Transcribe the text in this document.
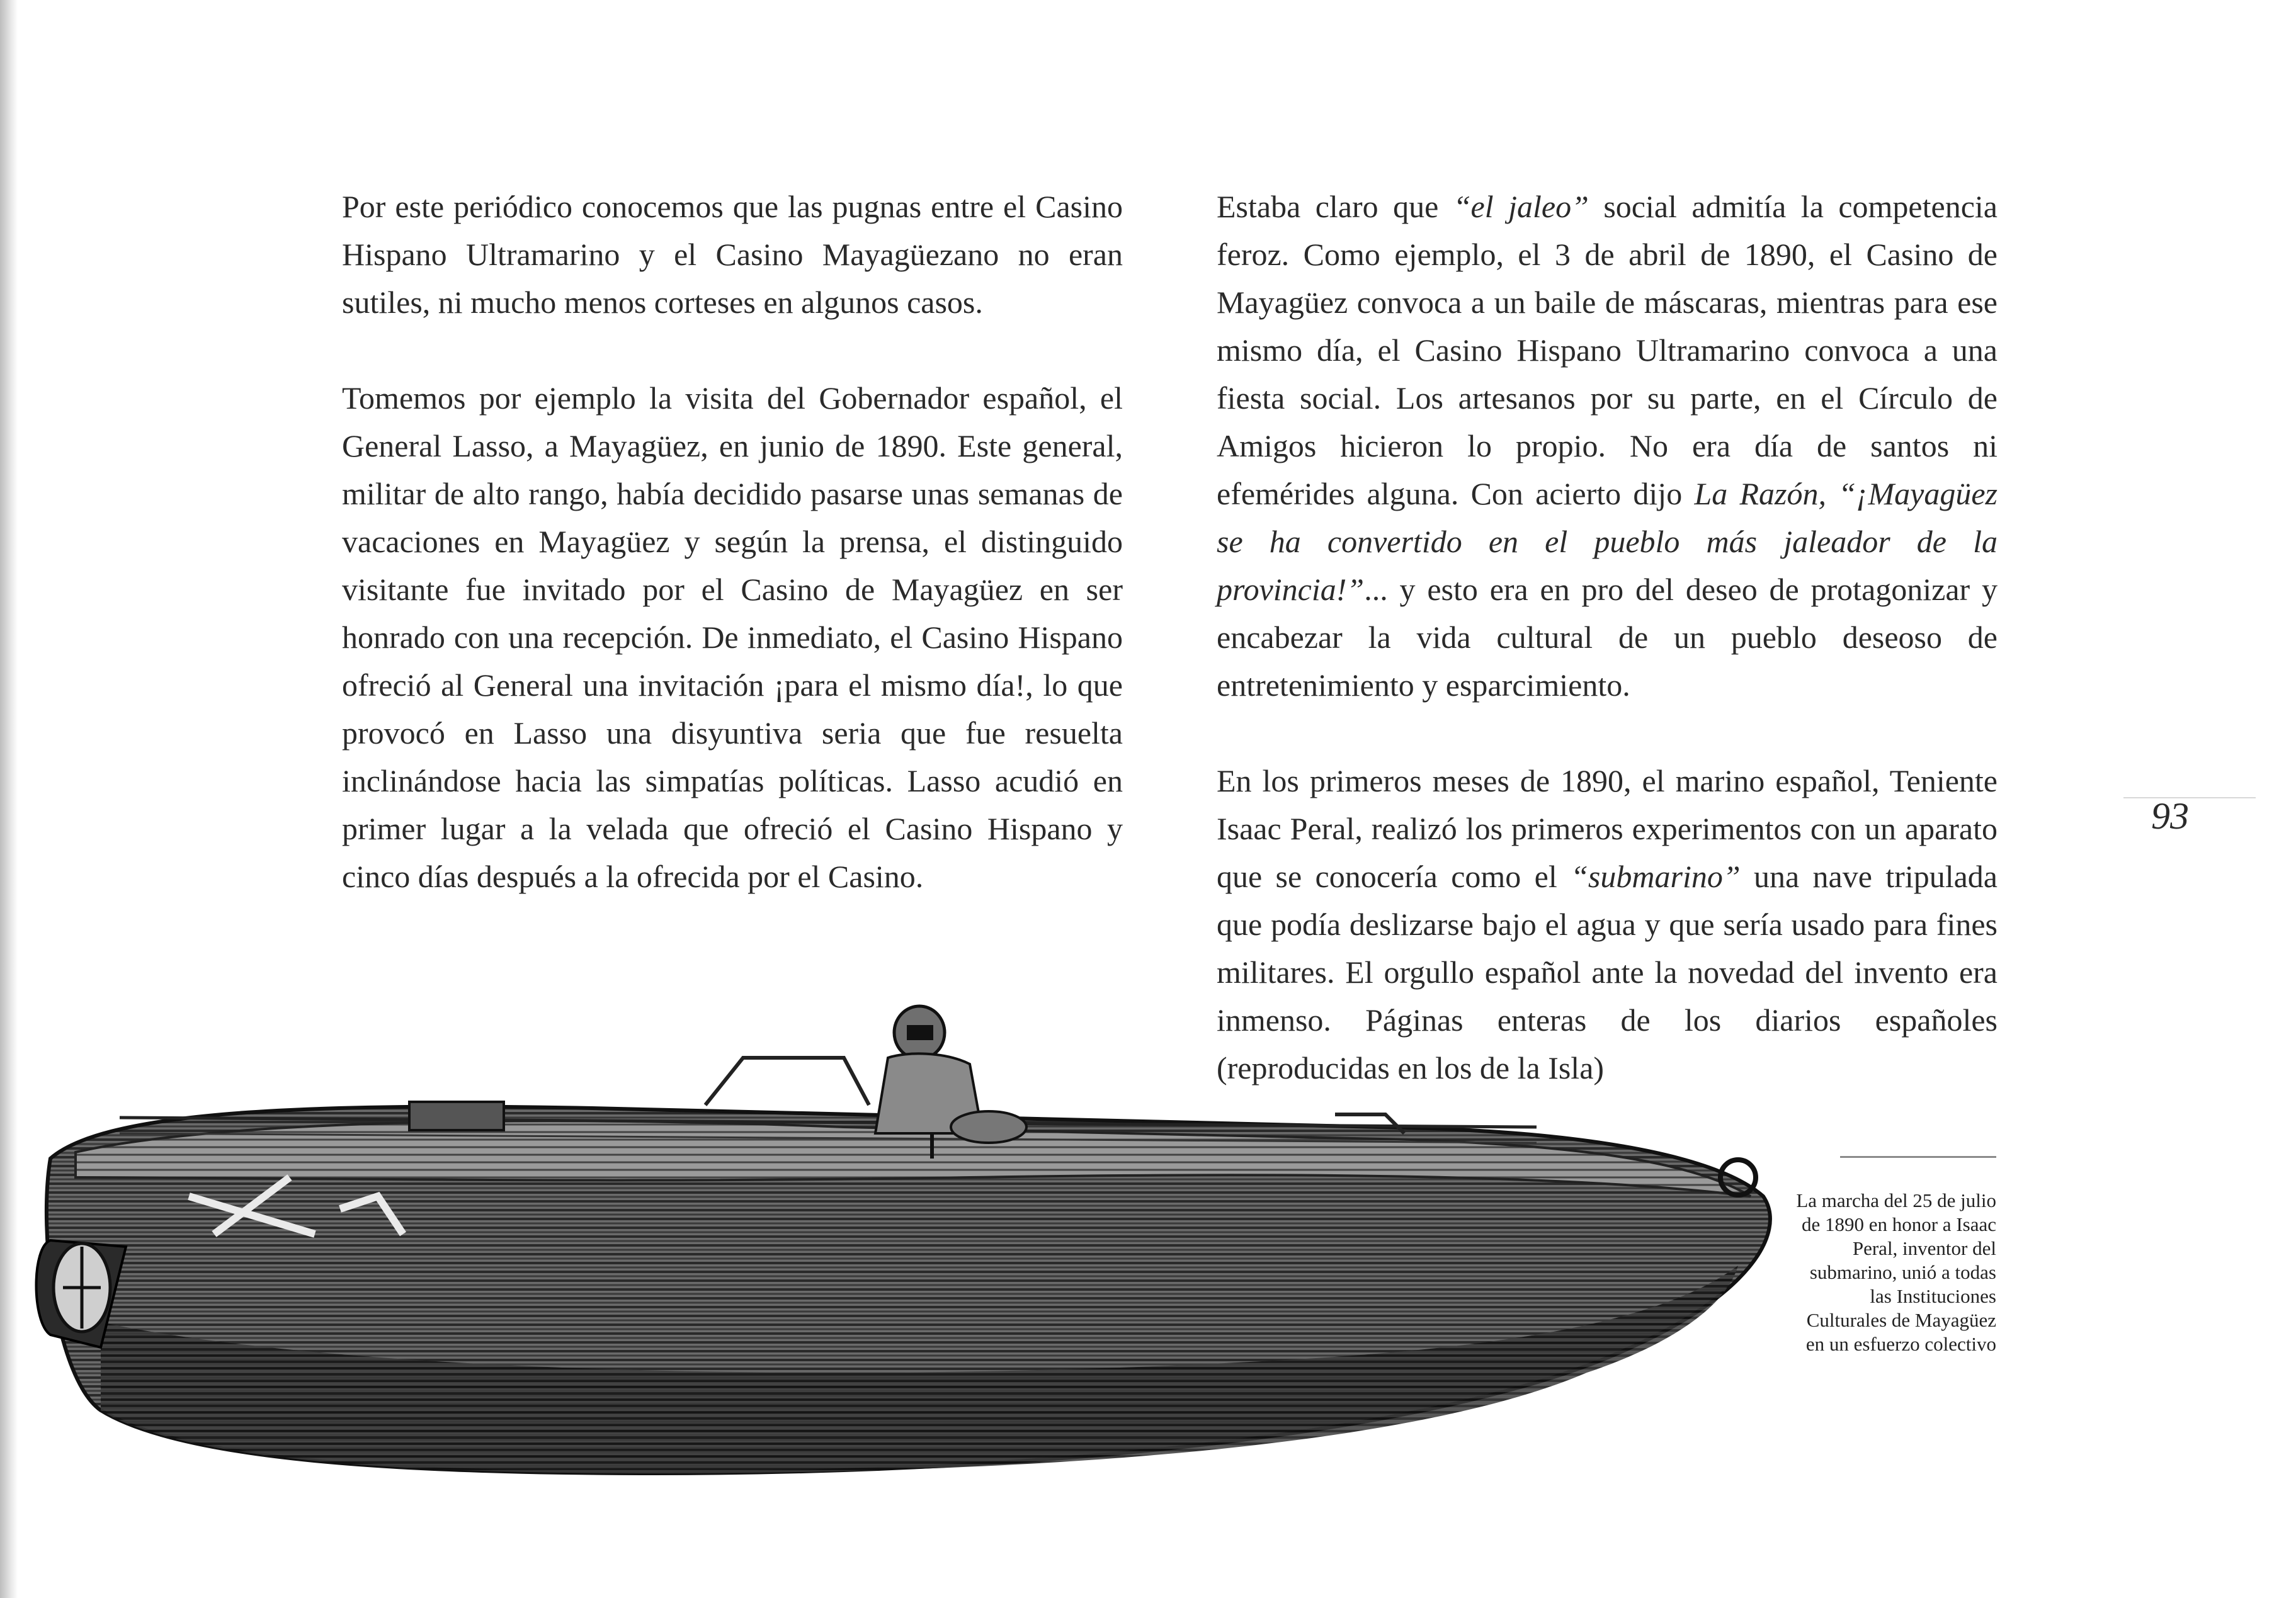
Por este periódico conocemos que las pugnas entre el Casino Hispano Ultramarino y el Casino Mayagüezano no eran sutiles, ni mucho menos corteses en algunos casos.

Tomemos por ejemplo la visita del Gobernador español, el General Lasso, a Mayagüez, en junio de 1890. Este general, militar de alto rango, había decidido pasarse unas semanas de vacaciones en Mayagüez y según la prensa, el distinguido visitante fue invitado por el Casino de Mayagüez en ser honrado con una recepción. De inmediato, el Casino Hispano ofreció al General una invitación ¡para el mismo día!, lo que provocó en Lasso una disyuntiva seria que fue resuelta inclinándose hacia las simpatías políticas. Lasso acudió en primer lugar a la velada que ofreció el Casino Hispano y cinco días después a la ofrecida por el Casino.

Estaba claro que “el jaleo” social admitía la competencia feroz. Como ejemplo, el 3 de abril de 1890, el Casino de Mayagüez convoca a un baile de máscaras, mientras para ese mismo día, el Casino Hispano Ultramarino convoca a una fiesta social. Los artesanos por su parte, en el Círculo de Amigos hicieron lo propio. No era día de santos ni efemérides alguna. Con acierto dijo La Razón, “¡Mayagüez se ha convertido en el pueblo más jaleador de la provincia!”... y esto era en pro del deseo de protagonizar y encabezar la vida cultural de un pueblo deseoso de entretenimiento y esparcimiento.

En los primeros meses de 1890, el marino español, Teniente Isaac Peral, realizó los primeros experimentos con un aparato que se conocería como el “submarino” una nave tripulada que podía deslizarse bajo el agua y que sería usado para fines militares. El orgullo español ante la novedad del invento era inmenso. Páginas enteras de los diarios españoles (reproducidas en los de la Isla)

93
La marcha del 25 de julio de 1890 en honor a Isaac Peral, inventor del submarino, unió a todas las Instituciones Culturales de Mayagüez en un esfuerzo colectivo
